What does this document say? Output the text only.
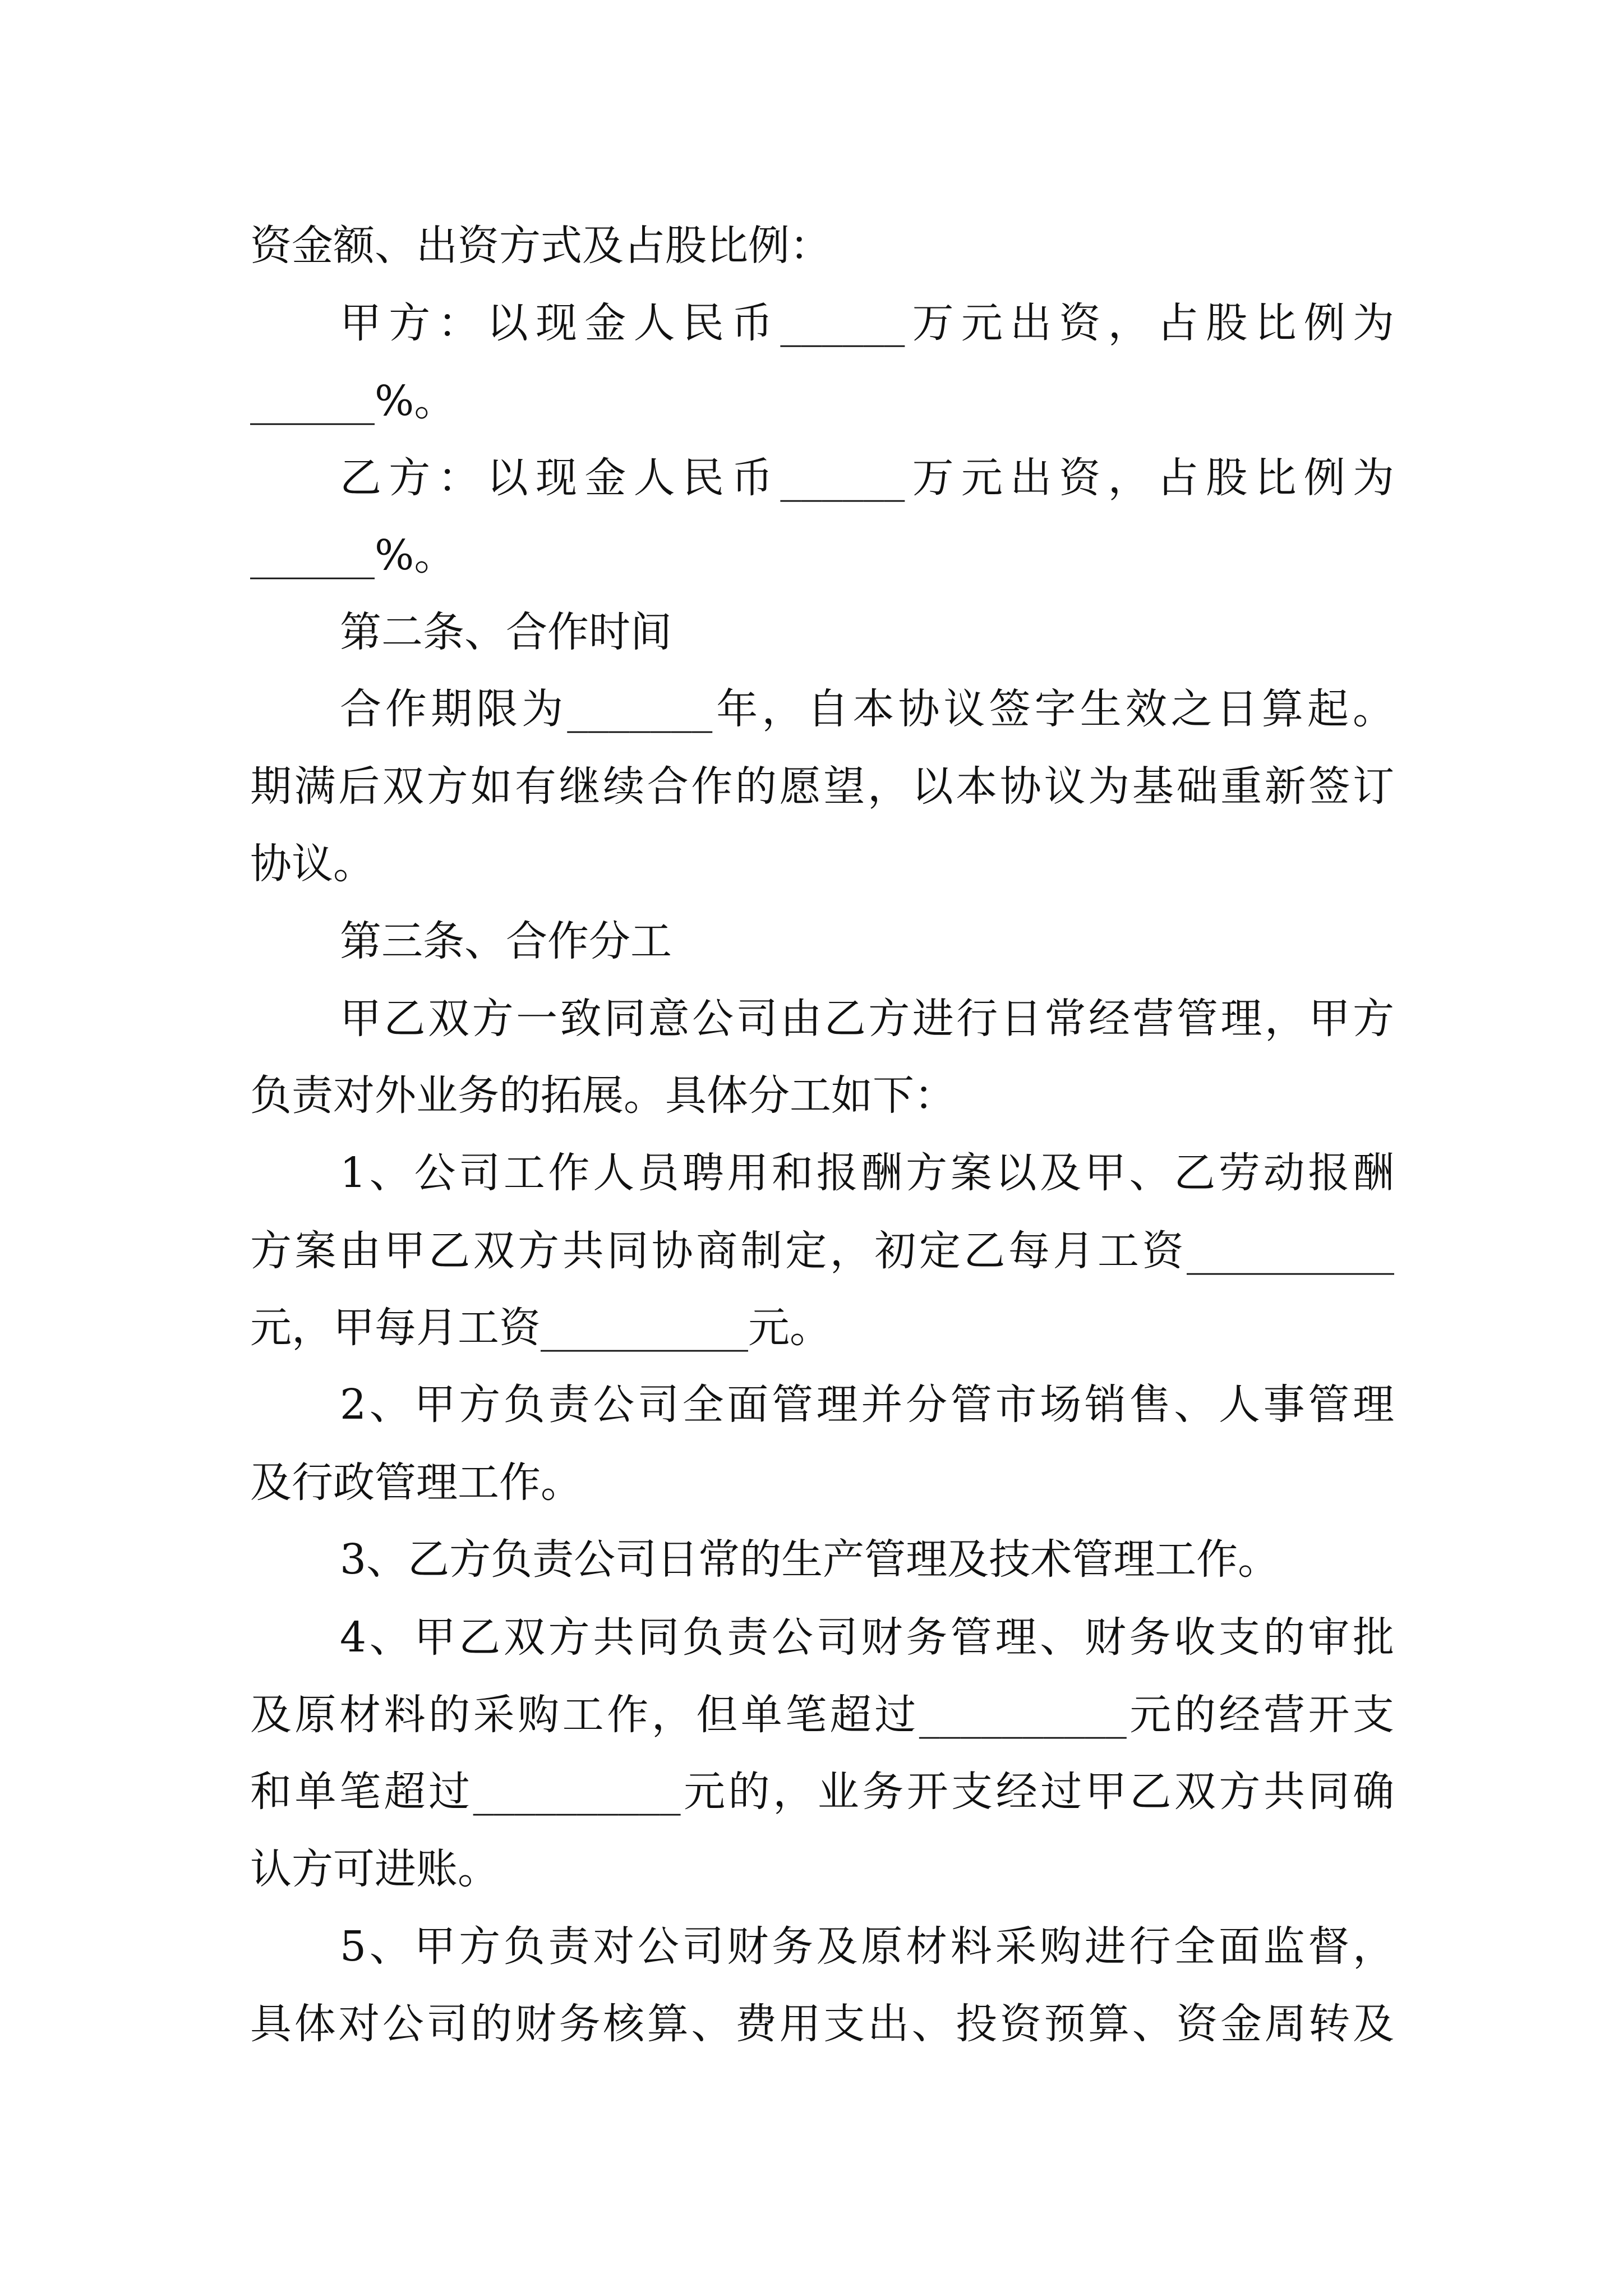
资金额、出资方式及占股比例：

甲方：以现金人民币______万元出资，占股比例为

______%。

乙方：以现金人民币______万元出资，占股比例为

______%。

第二条、合作时间

合作期限为_______年，自本协议签字生效之日算起。

期满后双方如有继续合作的愿望，以本协议为基础重新签订

协议。

第三条、合作分工

甲乙双方一致同意公司由乙方进行日常经营管理，甲方

负责对外业务的拓展。具体分工如下：

1、公司工作人员聘用和报酬方案以及甲、乙劳动报酬

方案由甲乙双方共同协商制定，初定乙每月工资__________

元，甲每月工资__________元。

2、甲方负责公司全面管理并分管市场销售、人事管理

及行政管理工作。

3、乙方负责公司日常的生产管理及技术管理工作。

4、甲乙双方共同负责公司财务管理、财务收支的审批

及原材料的采购工作，但单笔超过__________元的经营开支

和单笔超过__________元的，业务开支经过甲乙双方共同确

认方可进账。

5、甲方负责对公司财务及原材料采购进行全面监督，

具体对公司的财务核算、费用支出、投资预算、资金周转及
